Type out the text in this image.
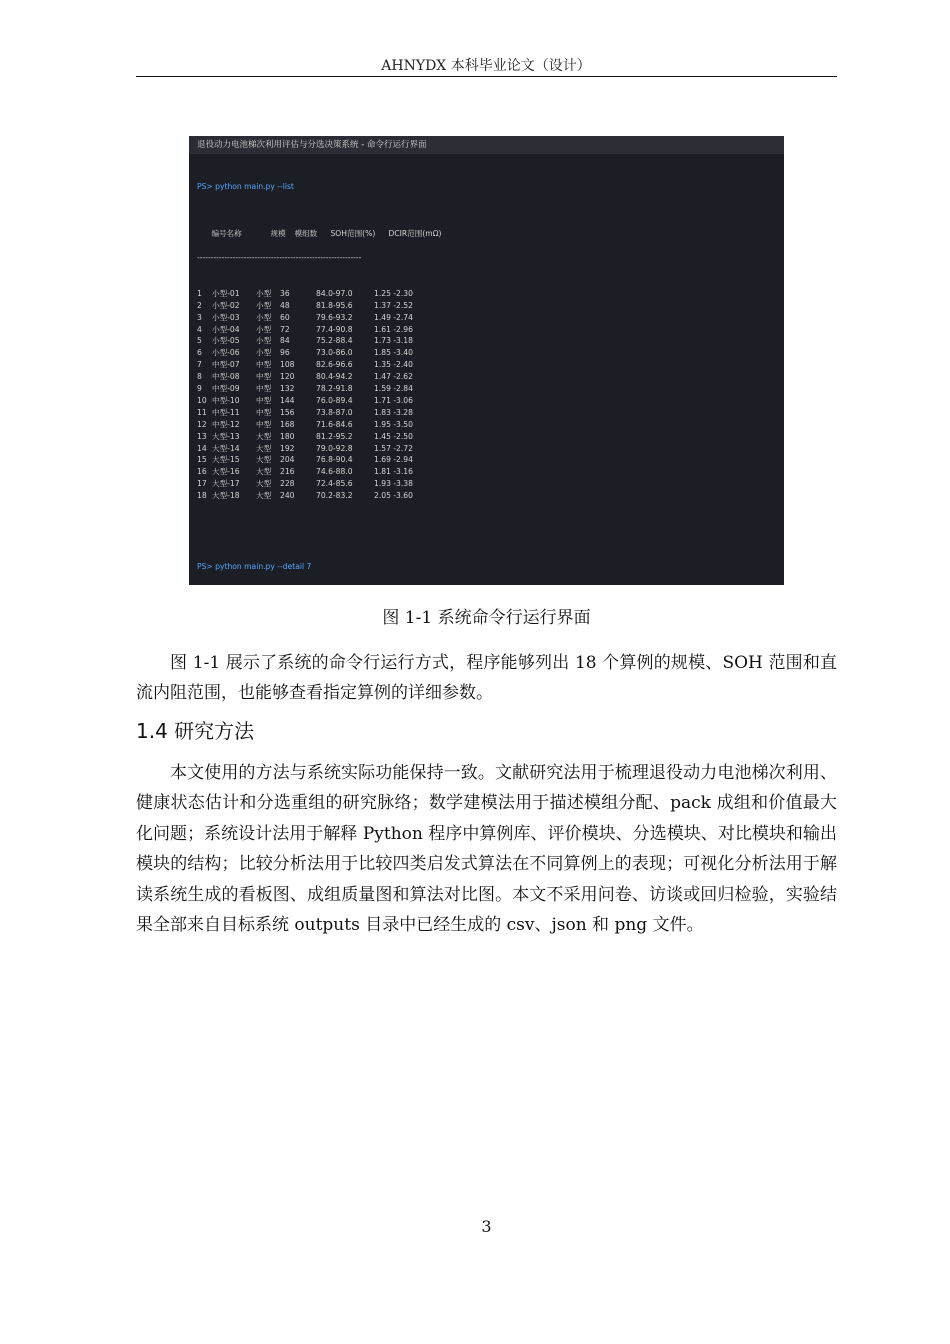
AHNYDX 本科毕业论文（设计）
退役动力电池梯次利用评估与分选决策系统 - 命令行运行界面

PS> python main.py --list

编号名称	规模 模组数 SOH范围(%) DCIR范围(mΩ)

------------------------------------------------------------

1 小型-01 小型 36	84.0-97.0	1.25 -2.30
2 小型-02 小型 48	81.8-95.6	1.37 -2.52
3 小型-03 小型 60	79.6-93.2	1.49 -2.74
4 小型-04 小型 72	77.4-90.8	1.61 -2.96
5 小型-05 小型 84	75.2-88.4	1.73 -3.18
6 小型-06 小型 96	73.0-86.0	1.85 -3.40
7 中型-07 中型 108	82.6-96.6	1.35 -2.40
8 中型-08 中型 120	80.4-94.2	1.47 -2.62
9 中型-09 中型 132	78.2-91.8	1.59 -2.84
10 中型-10 中型 144	76.0-89.4	1.71 -3.06
11 中型-11 中型 156	73.8-87.0	1.83 -3.28
12 中型-12 中型 168	71.6-84.6	1.95 -3.50
13 大型-13 大型 180	81.2-95.2	1.45 -2.50
14 大型-14 大型 192	79.0-92.8	1.57 -2.72
15 大型-15 大型 204	76.8-90.4	1.69 -2.94
16 大型-16 大型 216	74.6-88.0	1.81 -3.16
17 大型-17 大型 228	72.4-85.6	1.93 -3.38
18 大型-18 大型 240	70.2-83.2	2.05 -3.60

PS> python main.py --detail 7

图 1-1 系统命令行运行界面

图 1-1 展示了系统的命令行运行方式，程序能够列出 18 个算例的规模、SOH 范围和直流内阻范围，也能够查看指定算例的详细参数。

1.4 研究方法

本文使用的方法与系统实际功能保持一致。文献研究法用于梳理退役动力电池梯次利用、健康状态估计和分选重组的研究脉络；数学建模法用于描述模组分配、pack 成组和价值最大化问题；系统设计法用于解释 Python 程序中算例库、评价模块、分选模块、对比模块和输出模块的结构；比较分析法用于比较四类启发式算法在不同算例上的表现；可视化分析法用于解读系统生成的看板图、成组质量图和算法对比图。本文不采用问卷、访谈或回归检验，实验结果全部来自目标系统 outputs 目录中已经生成的 csv、json 和 png 文件。

3
